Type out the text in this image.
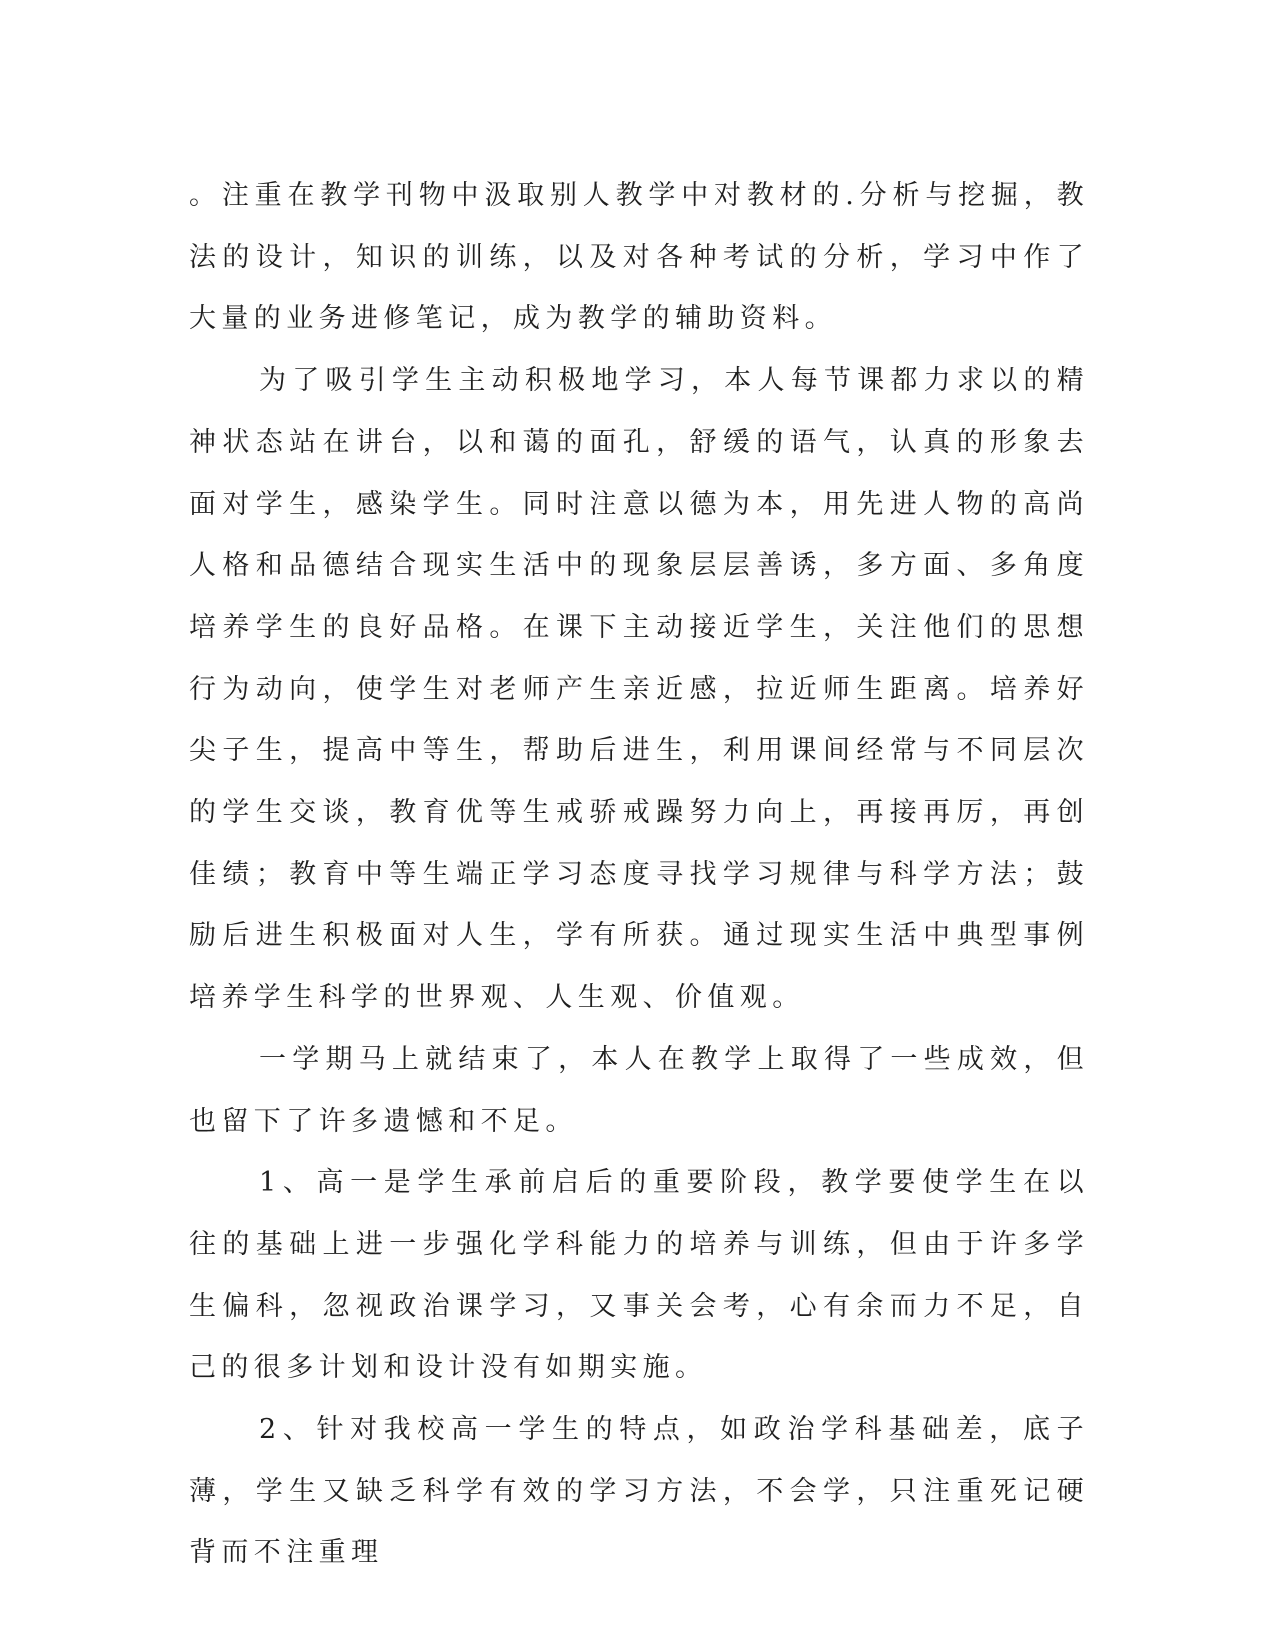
。注重在教学刊物中汲取别人教学中对教材的.分析与挖掘，教法的设计，知识的训练，以及对各种考试的分析，学习中作了大量的业务进修笔记，成为教学的辅助资料。

为了吸引学生主动积极地学习，本人每节课都力求以的精神状态站在讲台，以和蔼的面孔，舒缓的语气，认真的形象去面对学生，感染学生。同时注意以德为本，用先进人物的高尚人格和品德结合现实生活中的现象层层善诱，多方面、多角度培养学生的良好品格。在课下主动接近学生，关注他们的思想行为动向，使学生对老师产生亲近感，拉近师生距离。培养好尖子生，提高中等生，帮助后进生，利用课间经常与不同层次的学生交谈，教育优等生戒骄戒躁努力向上，再接再厉，再创佳绩；教育中等生端正学习态度寻找学习规律与科学方法；鼓励后进生积极面对人生，学有所获。通过现实生活中典型事例培养学生科学的世界观、人生观、价值观。

一学期马上就结束了，本人在教学上取得了一些成效，但也留下了许多遗憾和不足。

1、高一是学生承前启后的重要阶段，教学要使学生在以往的基础上进一步强化学科能力的培养与训练，但由于许多学生偏科，忽视政治课学习，又事关会考，心有余而力不足，自己的很多计划和设计没有如期实施。

2、针对我校高一学生的特点，如政治学科基础差，底子薄，学生又缺乏科学有效的学习方法，不会学，只注重死记硬背而不注重理
